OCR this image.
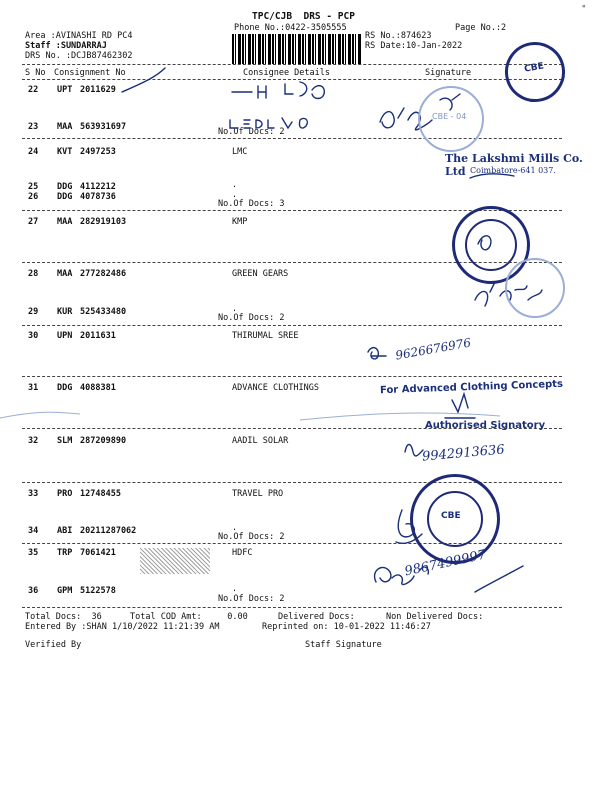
«
TPC/CJB  DRS - PCP
Phone No.:0422-3505555	Page No.:2
Area :AVINASHI RD PC4
Staff :SUNDARRAJ
DRS No. :DCJB87462302
RS No.:874623
RS Date:10-Jan-2022
S No Consignment No	Consignee Details	Signature
22 UPT 2011629
23 MAA 563931697	No.Of Docs: 2
24 KVT 2497253	LMC
25 DDG 4112212	.
26 DDG 4078736	.
No.Of Docs: 3
27 MAA 282919103	KMP
28 MAA 277282486	GREEN GEARS
29 KUR 525433480	.
No.Of Docs: 2
30 UPN 2011631	THIRUMAL SREE
31 DDG 4088381	ADVANCE CLOTHINGS
32 SLM 287209890	AADIL SOLAR
33 PRO 12748455	TRAVEL PRO
34 ABI 20211287062	.
No.Of Docs: 2
35 TRP 7061421	HDFC
36 GPM 5122578	.
No.Of Docs: 2
Total Docs:  36	Total COD Amt:     0.00	Delivered Docs:	Non Delivered Docs:
Entered By :SHAN 1/10/2022 11:21:39 AM	Reprinted on: 10-01-2022 11:46:27
Verified By	Staff Signature
CBE
CBE - 04
The Lakshmi Mills Co. Ltd Coimbatore-641 037.
9626676976
9942913636
9867499997
For Advanced Clothing Concepts
Authorised Signatory
CBE
